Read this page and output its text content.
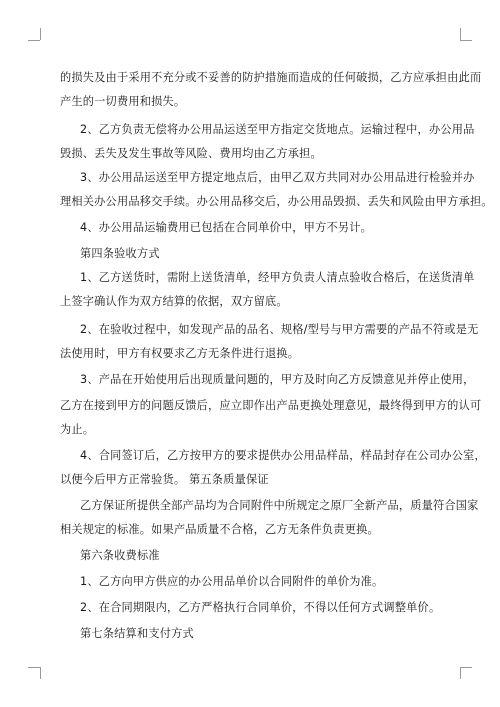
的损失及由于采用不充分或不妥善的防护措施而造成的任何破损，乙方应承担由此而
产生的一切费用和损失。
2、乙方负责无偿将办公用品运送至甲方指定交货地点。运输过程中，办公用品
毁损、丢失及发生事故等风险、费用均由乙方承担。
3、办公用品运送至甲方提定地点后，由甲乙双方共同对办公用品进行检验并办
理相关办公用品移交手续。办公用品移交后，办公用品毁损、丢失和风险由甲方承担。
4、办公用品运输费用已包括在合同单价中，甲方不另计。
第四条验收方式
1、乙方送货时，需附上送货清单，经甲方负责人清点验收合格后，在送货清单
上签字确认作为双方结算的依据，双方留底。
2、在验收过程中，如发现产品的品名、规格/型号与甲方需要的产品不符或是无
法使用时，甲方有权要求乙方无条件进行退换。
3、产品在开始使用后出现质量问题的，甲方及时向乙方反馈意见并停止使用，
乙方在接到甲方的问题反馈后，应立即作出产品更换处理意见，最终得到甲方的认可
为止。
4、合同签订后，乙方按甲方的要求提供办公用品样品，样品封存在公司办公室，
以便今后甲方正常验货。 第五条质量保证
乙方保证所提供全部产品均为合同附件中所规定之原厂全新产品，质量符合国家
相关规定的标准。如果产品质量不合格，乙方无条件负责更换。
第六条收费标准
1、乙方向甲方供应的办公用品单价以合同附件的单价为准。
2、在合同期限内，乙方严格执行合同单价，不得以任何方式调整单价。
第七条结算和支付方式
